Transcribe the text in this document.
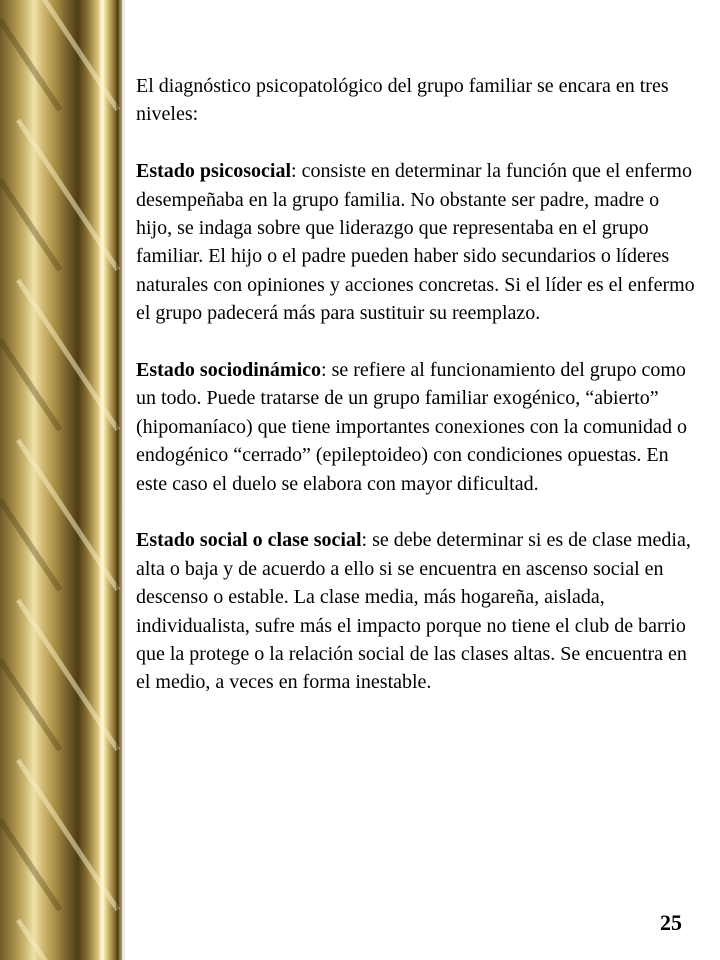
El diagnóstico psicopatológico del grupo familiar se encara en tres niveles:

Estado psicosocial: consiste en determinar la función que el enfermo desempeñaba en la grupo familia. No obstante ser padre, madre o hijo, se indaga sobre que liderazgo que representaba en el grupo familiar. El hijo o el padre pueden haber sido secundarios o líderes naturales con opiniones y acciones concretas. Si el líder es el enfermo el grupo padecerá más para sustituir su reemplazo.

Estado sociodinámico: se refiere al funcionamiento del grupo como un todo. Puede tratarse de un grupo familiar exogénico, “abierto” (hipomaníaco) que tiene importantes conexiones con la comunidad o endogénico “cerrado” (epileptoideo) con condiciones opuestas. En este caso el duelo se elabora con mayor dificultad.

Estado social o clase social: se debe determinar si es de clase media, alta o baja y de acuerdo a ello si se encuentra en ascenso social en descenso o estable. La clase media, más hogareña, aislada, individualista, sufre más el impacto porque no tiene el club de barrio que la protege o la relación social de las clases altas. Se encuentra en el medio, a veces en forma inestable.

25
